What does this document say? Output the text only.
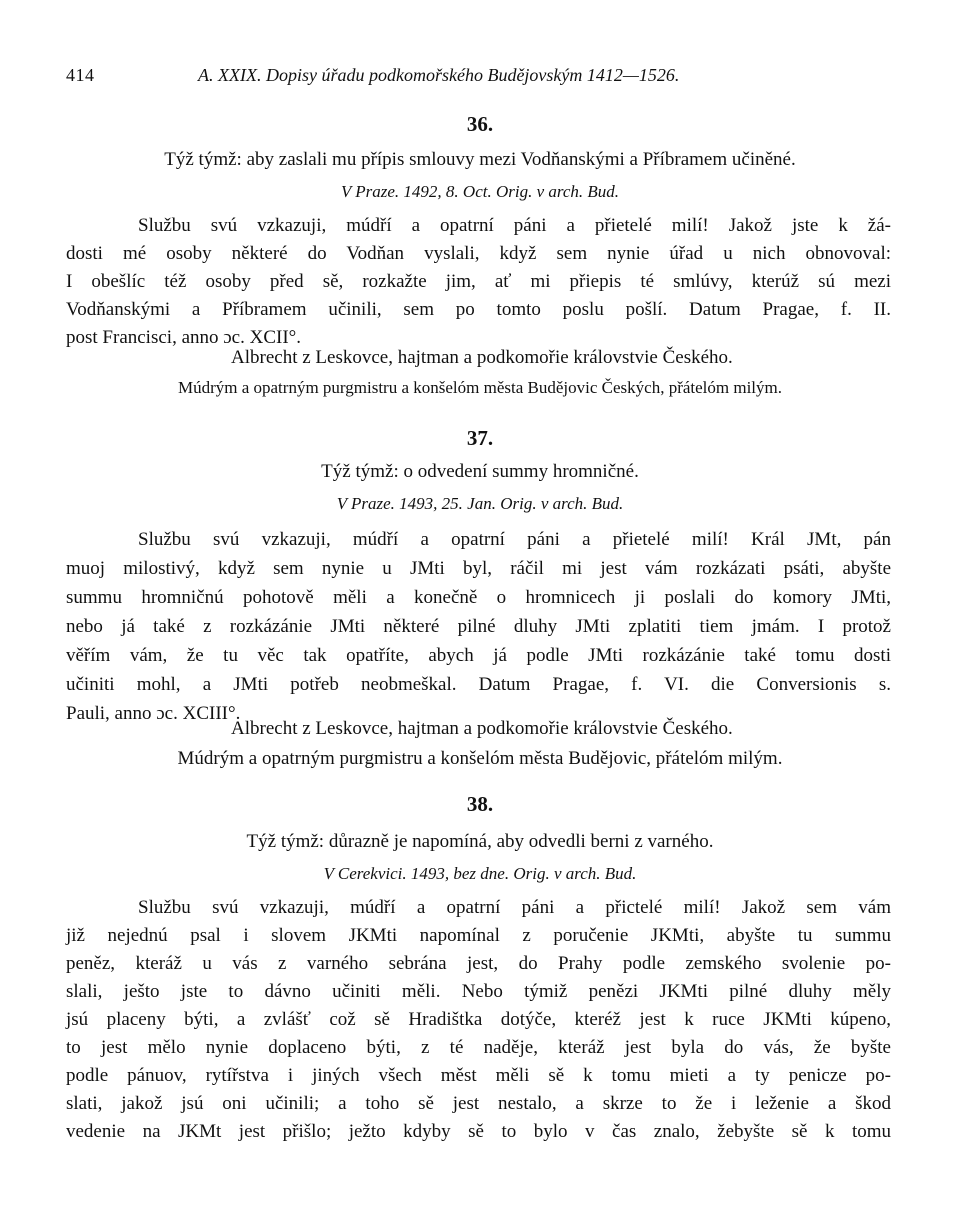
414	A. XXIX. Dopisy úřadu podkomořského Budějovským 1412—1526.
36.
Týž týmž: aby zaslali mu přípis smlouvy mezi Vodňanskými a Příbramem učiněné.
V Praze. 1492, 8. Oct. Orig. v arch. Bud.
Službu svú vzkazuji, múdří a opatrní páni a přietelé milí! Jakož jste k žá-
dosti mé osoby některé do Vodňan vyslali, když sem nynie úřad u nich obnovoval:
I obešlíc též osoby před sě, rozkažte jim, ať mi přiepis té smlúvy, kterúž sú mezi
Vodňanskými a Příbramem učinili, sem po tomto poslu pošlí. Datum Pragae, f. II.
post Francisci, anno ɔc. XCII°.
Albrecht z Leskovce, hajtman a podkomořie královstvie Českého.
Múdrým a opatrným purgmistru a konšelóm města Budějovic Českých, přátelóm milým.
37.
Týž týmž: o odvedení summy hromničné.
V Praze. 1493, 25. Jan. Orig. v arch. Bud.
Službu svú vzkazuji, múdří a opatrní páni a přietelé milí! Král JMt, pán
muoj milostivý, když sem nynie u JMti byl, ráčil mi jest vám rozkázati psáti, abyšte
summu hromničnú pohotově měli a konečně o hromnicech ji poslali do komory JMti,
nebo já také z rozkázánie JMti některé pilné dluhy JMti zplatiti tiem jmám. I protož
věřím vám, že tu věc tak opatříte, abych já podle JMti rozkázánie také tomu dosti
učiniti mohl, a JMti potřeb neobmeškal. Datum Pragae, f. VI. die Conversionis s.
Pauli, anno ɔc. XCIII°.
Albrecht z Leskovce, hajtman a podkomořie královstvie Českého.
Múdrým a opatrným purgmistru a konšelóm města Budějovic, přátelóm milým.
38.
Týž týmž: důrazně je napomíná, aby odvedli berni z varného.
V Cerekvici. 1493, bez dne. Orig. v arch. Bud.
Službu svú vzkazuji, múdří a opatrní páni a přictelé milí! Jakož sem vám
již nejednú psal i slovem JKMti napomínal z poručenie JKMti, abyšte tu summu
peněz, kteráž u vás z varného sebrána jest, do Prahy podle zemského svolenie po-
slali, ješto jste to dávno učiniti měli. Nebo týmiž penězi JKMti pilné dluhy měly
jsú placeny býti, a zvlášť což sě Hradištka dotýče, kteréž jest k ruce JKMti kúpeno,
to jest mělo nynie doplaceno býti, z té naděje, kteráž jest byla do vás, že byšte
podle pánuov, rytířstva i jiných všech měst měli sě k tomu mieti a ty penicze po-
slati, jakož jsú oni učinili; a toho sě jest nestalo, a skrze to že i leženie a škod
vedenie na JKMt jest přišlo; ježto kdyby sě to bylo v čas znalo, žebyšte sě k tomu
